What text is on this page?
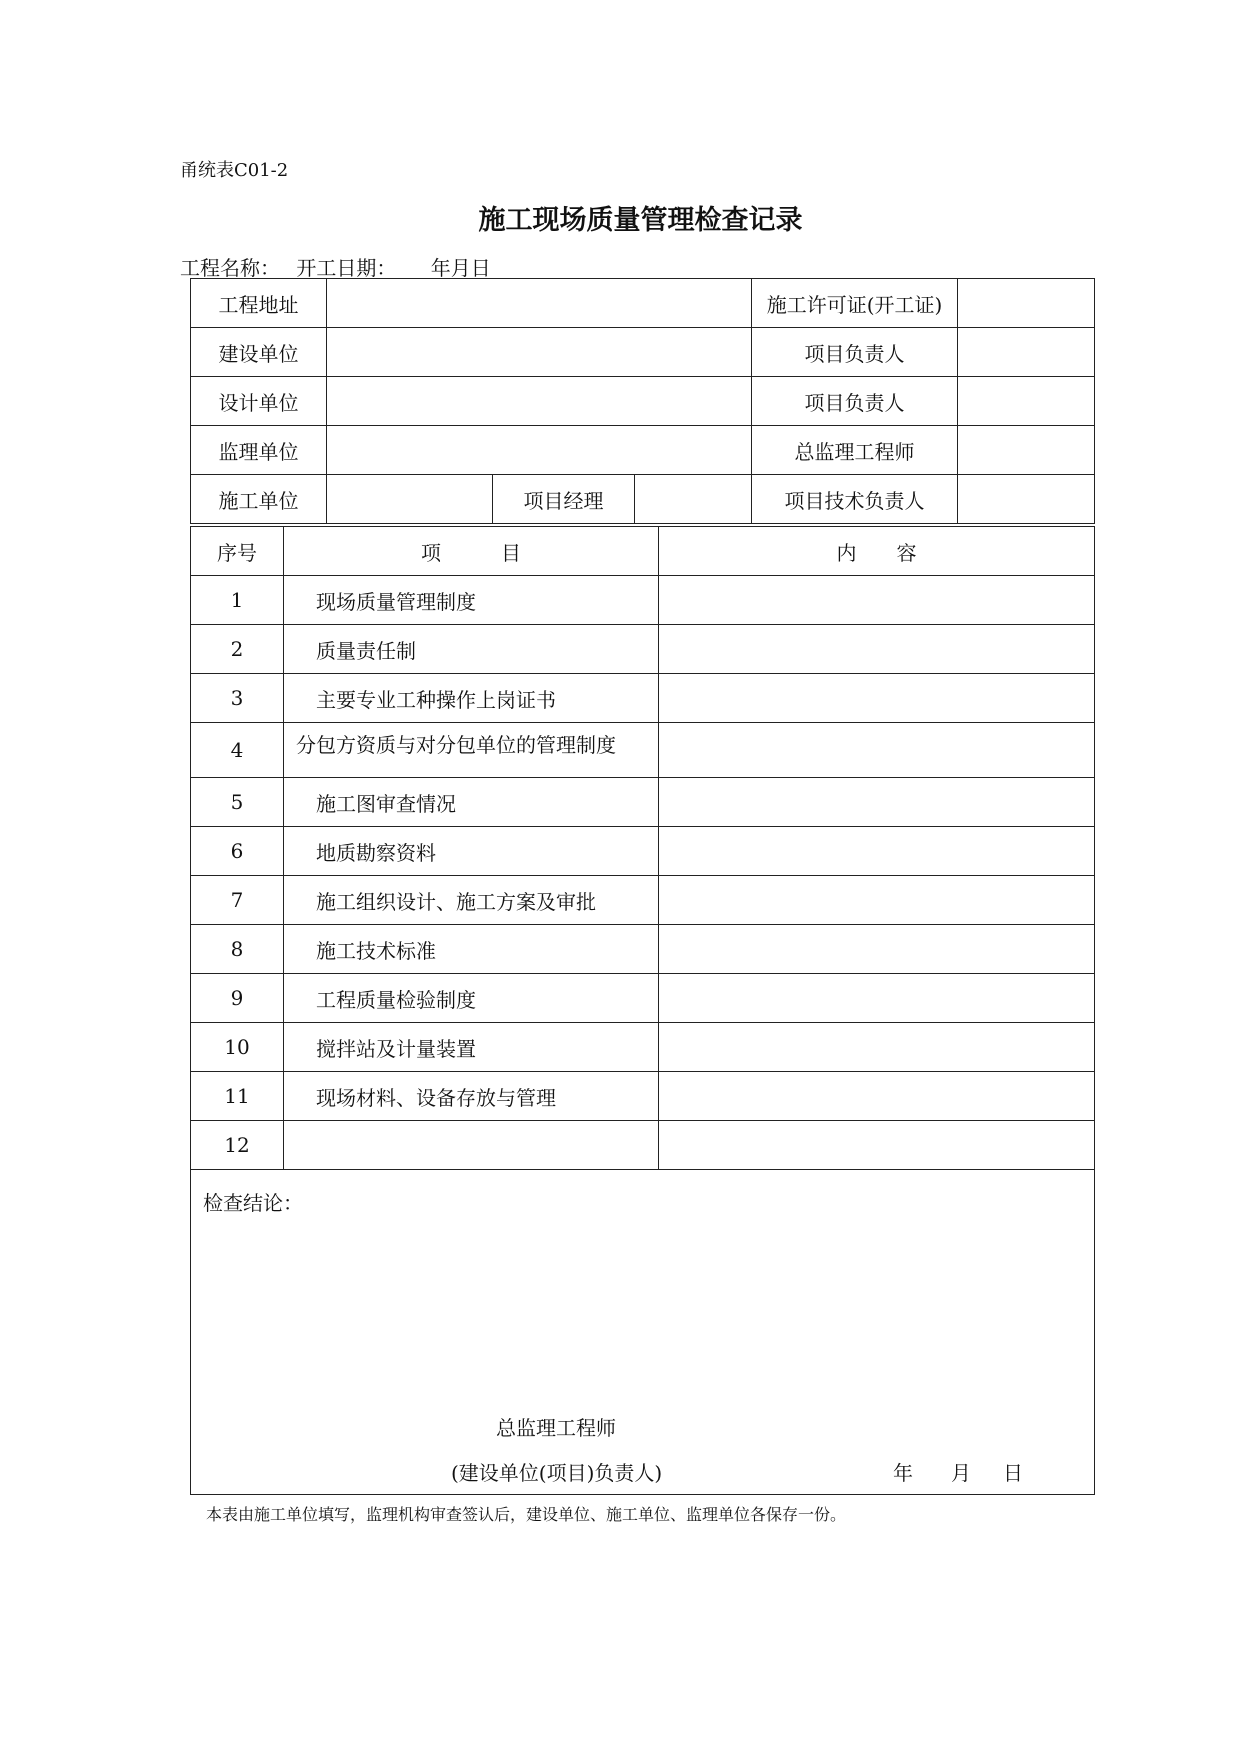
甬统表C01-2
施工现场质量管理检查记录
工程名称： 开工日期： 年月日
工程地址				施工许可证(开工证)	
建设单位				项目负责人	
设计单位				项目负责人	
监理单位				总监理工程师	
施工单位		项目经理		项目技术负责人	
序号	项　　　目	内　　容
1	现场质量管理制度	
2	质量责任制	
3	主要专业工种操作上岗证书	
4	分包方资质与对分包单位的管理制度	
5	施工图审查情况	
6	地质勘察资料	
7	施工组织设计、施工方案及审批	
8	施工技术标准	
9	工程质量检验制度	
10	搅拌站及计量装置	
11	现场材料、设备存放与管理	
12		
检查结论：
总监理工程师
(建设单位(项目)负责人)	年 月 日
本表由施工单位填写，监理机构审查签认后，建设单位、施工单位、监理单位各保存一份。
